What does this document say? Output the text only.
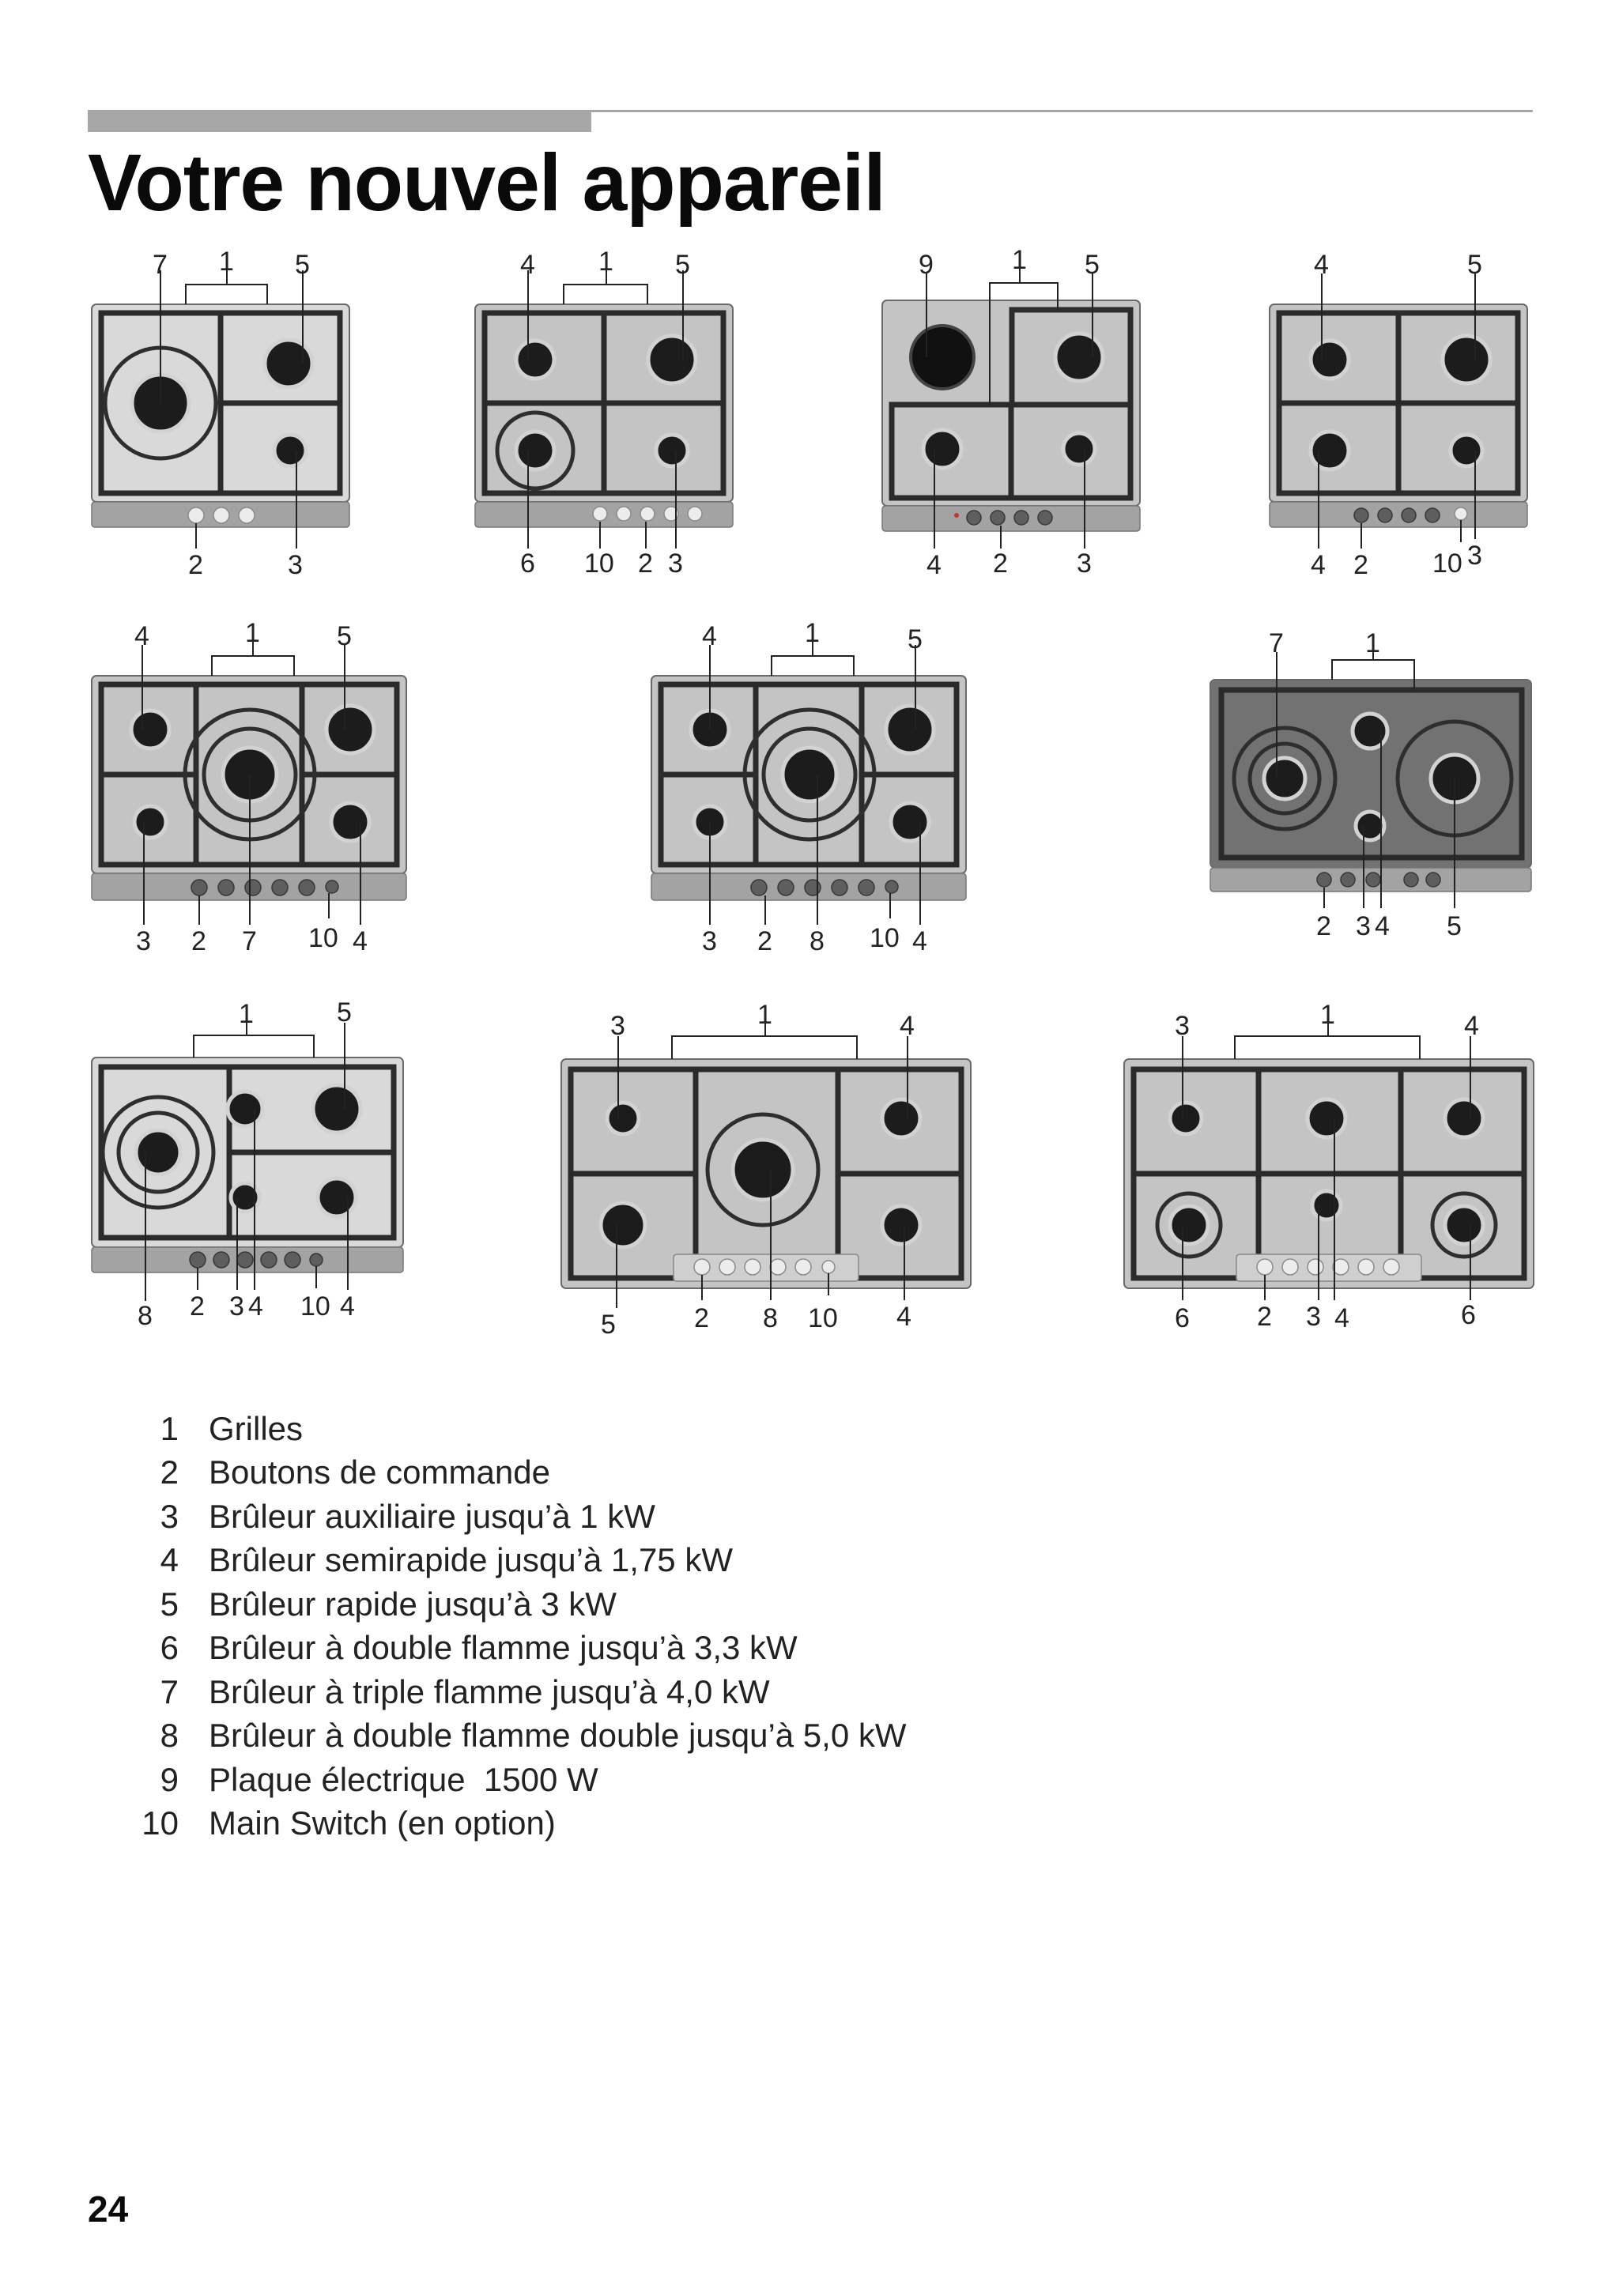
Votre nouvel appareil
7 1 5
2	3
4 1 5
6 10 2 3
9	1 5
4 2	3
4	5
4 2 10 3
4	1	5
3 2 7 10 4
4	1	5
3 2 8 10 4
7	1
2 3 4 5
1	5
8 2 3 4 10 4
3	1	4
5	2 8 10 4
3	1	4
6	2 3 4	6
1 Grilles
2 Boutons de commande
3 Brûleur auxiliaire jusqu’à 1 kW
4 Brûleur semirapide jusqu’à 1,75 kW
5 Brûleur rapide jusqu’à 3 kW
6 Brûleur à double flamme jusqu’à 3,3 kW
7 Brûleur à triple flamme jusqu’à 4,0 kW
8 Brûleur à double flamme double jusqu’à 5,0 kW
9 Plaque électrique  1500 W
10 Main Switch (en option)
24
